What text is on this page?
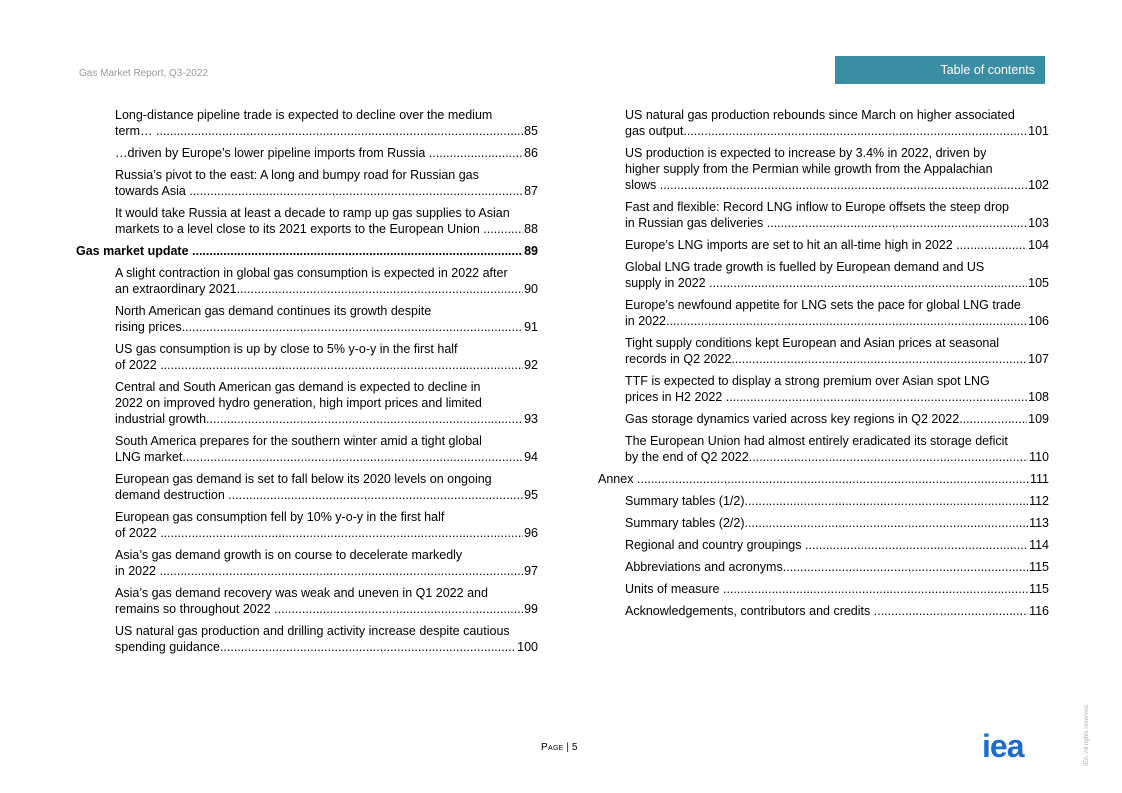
Gas Market Report, Q3-2022	Table of contents
Long-distance pipeline trade is expected to decline over the medium
term… .....	85
…driven by Europe’s lower pipeline imports from Russia .....	86
Russia’s pivot to the east: A long and bumpy road for Russian gas
towards Asia .....	87
It would take Russia at least a decade to ramp up gas supplies to Asian
markets to a level close to its 2021 exports to the European Union .....	88
Gas market update .....	89
A slight contraction in global gas consumption is expected in 2022 after
an extraordinary 2021 .....	90
North American gas demand continues its growth despite
rising prices .....	91
US gas consumption is up by close to 5% y-o-y in the first half
of 2022 .....	92
Central and South American gas demand is expected to decline in
2022 on improved hydro generation, high import prices and limited
industrial growth .....	93
South America prepares for the southern winter amid a tight global
LNG market .....	94
European gas demand is set to fall below its 2020 levels on ongoing
demand destruction .....	95
European gas consumption fell by 10% y-o-y in the first half
of 2022 .....	96
Asia’s gas demand growth is on course to decelerate markedly
in 2022 .....	97
Asia’s gas demand recovery was weak and uneven in Q1 2022 and
remains so throughout 2022 .....	99
US natural gas production and drilling activity increase despite cautious
spending guidance .....	100
US natural gas production rebounds since March on higher associated
gas output .....	101
US production is expected to increase by 3.4% in 2022, driven by
higher supply from the Permian while growth from the Appalachian
slows .....	102
Fast and flexible: Record LNG inflow to Europe offsets the steep drop
in Russian gas deliveries .....	103
Europe’s LNG imports are set to hit an all-time high in 2022 .....	104
Global LNG trade growth is fuelled by European demand and US
supply in 2022 .....	105
Europe’s newfound appetite for LNG sets the pace for global LNG trade
in 2022 .....	106
Tight supply conditions kept European and Asian prices at seasonal
records in Q2 2022 .....	107
TTF is expected to display a strong premium over Asian spot LNG
prices in H2 2022 .....	108
Gas storage dynamics varied across key regions in Q2 2022 .....	109
The European Union had almost entirely eradicated its storage deficit
by the end of Q2 2022 .....	110
Annex .....	111
Summary tables (1/2) .....	112
Summary tables (2/2) .....	113
Regional and country groupings .....	114
Abbreviations and acronyms .....	115
Units of measure .....	115
Acknowledgements, contributors and credits .....	116
Page | 5	iea	IEA. All rights reserved.
